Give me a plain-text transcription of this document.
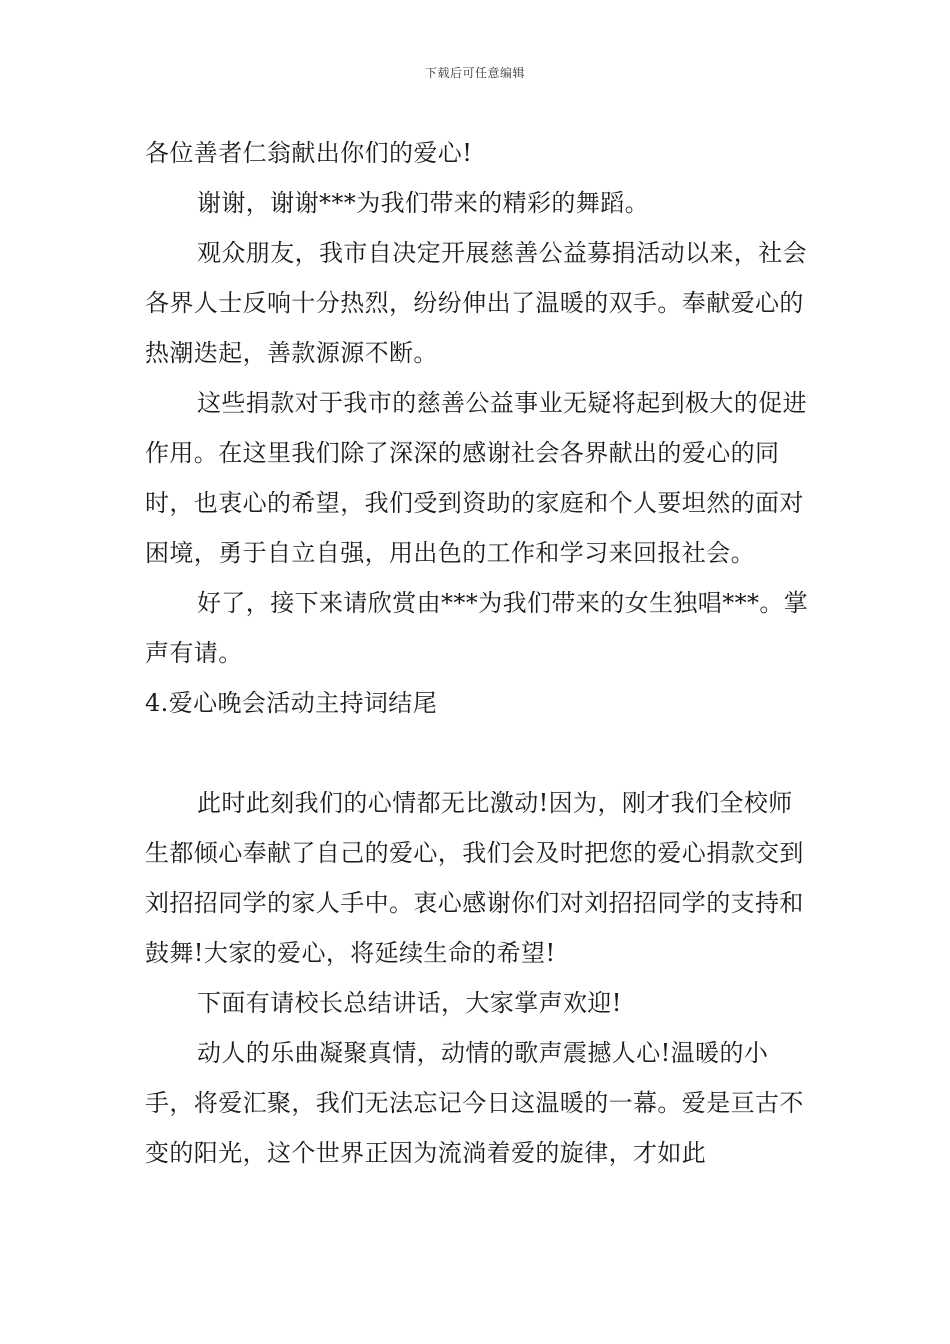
下载后可任意编辑

各位善者仁翁献出你们的爱心!

谢谢，谢谢***为我们带来的精彩的舞蹈。

观众朋友，我市自决定开展慈善公益募捐活动以来，社会各界人士反响十分热烈，纷纷伸出了温暖的双手。奉献爱心的热潮迭起，善款源源不断。

这些捐款对于我市的慈善公益事业无疑将起到极大的促进作用。在这里我们除了深深的感谢社会各界献出的爱心的同时，也衷心的希望，我们受到资助的家庭和个人要坦然的面对困境，勇于自立自强，用出色的工作和学习来回报社会。

好了，接下来请欣赏由***为我们带来的女生独唱***。掌声有请。

4.爱心晚会活动主持词结尾

此时此刻我们的心情都无比激动!因为，刚才我们全校师生都倾心奉献了自己的爱心，我们会及时把您的爱心捐款交到刘招招同学的家人手中。衷心感谢你们对刘招招同学的支持和鼓舞!大家的爱心，将延续生命的希望!

下面有请校长总结讲话，大家掌声欢迎!

动人的乐曲凝聚真情，动情的歌声震撼人心!温暖的小手，将爱汇聚，我们无法忘记今日这温暖的一幕。爱是亘古不变的阳光，这个世界正因为流淌着爱的旋律，才如此
